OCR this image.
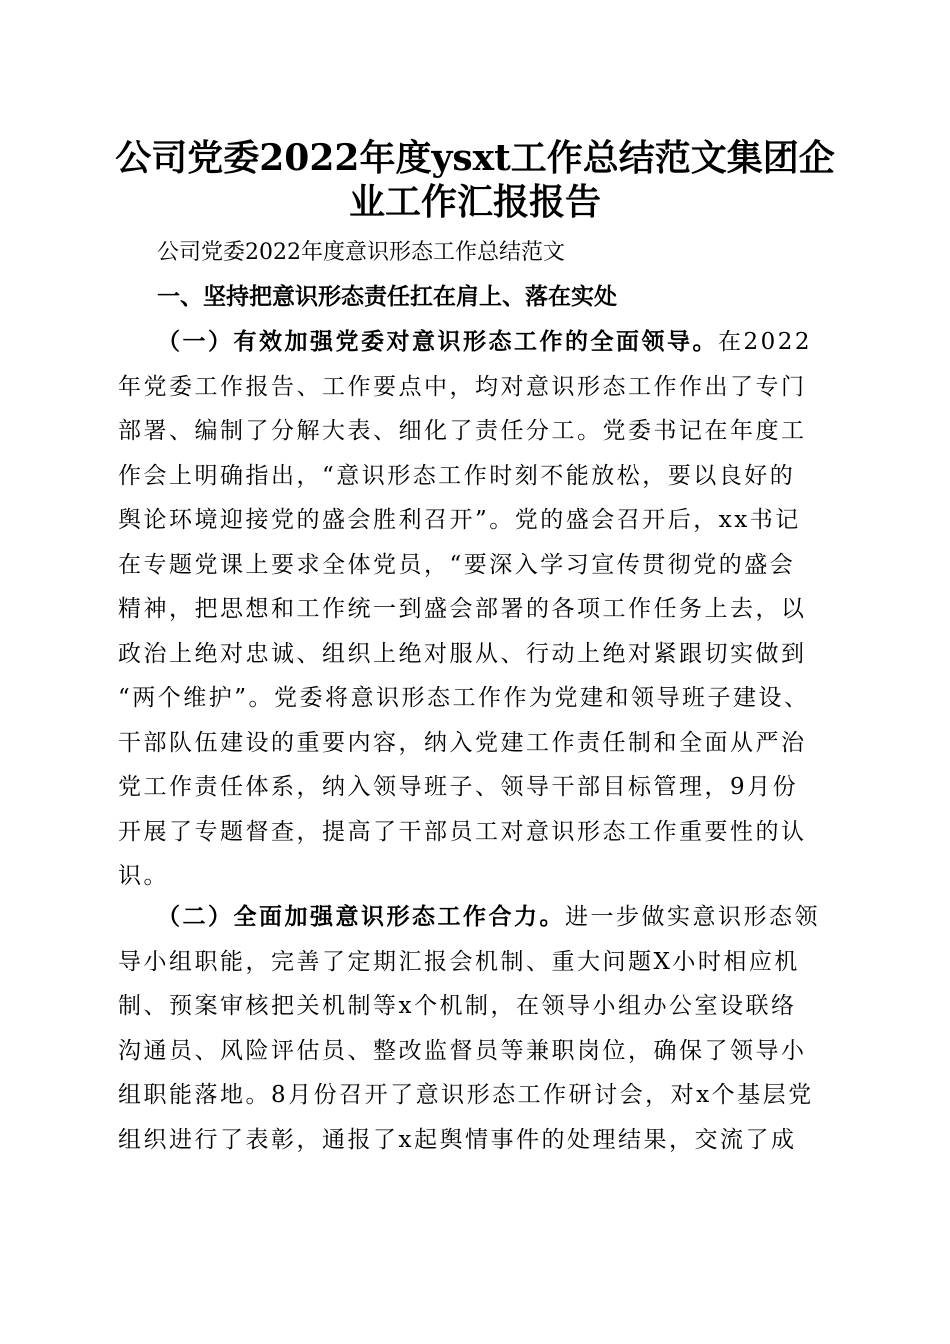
公司党委2022年度ysxt工作总结范文集团企
业工作汇报报告

公司党委2022年度意识形态工作总结范文

一、坚持把意识形态责任扛在肩上、落在实处

（一）有效加强党委对意识形态工作的全面领导。在2022
年党委工作报告、工作要点中，均对意识形态工作作出了专门
部署、编制了分解大表、细化了责任分工。党委书记在年度工
作会上明确指出，“意识形态工作时刻不能放松，要以良好的
舆论环境迎接党的盛会胜利召开”。党的盛会召开后，xx书记
在专题党课上要求全体党员，“要深入学习宣传贯彻党的盛会
精神，把思想和工作统一到盛会部署的各项工作任务上去，以
政治上绝对忠诚、组织上绝对服从、行动上绝对紧跟切实做到
“两个维护”。党委将意识形态工作作为党建和领导班子建设、
干部队伍建设的重要内容，纳入党建工作责任制和全面从严治
党工作责任体系，纳入领导班子、领导干部目标管理，9月份
开展了专题督查，提高了干部员工对意识形态工作重要性的认
识。
（二）全面加强意识形态工作合力。进一步做实意识形态领
导小组职能，完善了定期汇报会机制、重大问题X小时相应机
制、预案审核把关机制等x个机制，在领导小组办公室设联络
沟通员、风险评估员、整改监督员等兼职岗位，确保了领导小
组职能落地。8月份召开了意识形态工作研讨会，对x个基层党
组织进行了表彰，通报了x起舆情事件的处理结果，交流了成
